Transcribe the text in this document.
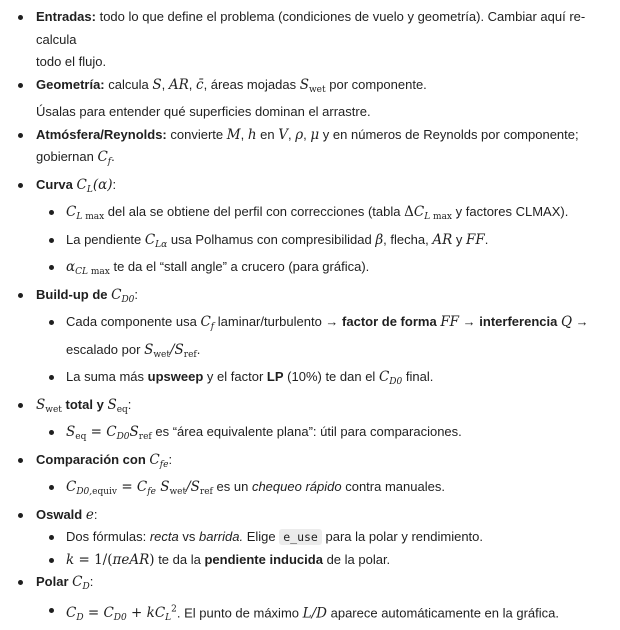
Entradas: todo lo que define el problema (condiciones de vuelo y geometría). Cambiar aquí re-calcula
todo el flujo.
Geometría: calcula S, AR, c̄, áreas mojadas $S_{wet}$ por componente.
Úsalas para entender qué superficies dominan el arrastre.
Atmósfera/Reynolds: convierte M, h en V, ρ, μ y en números de Reynolds por componente;
gobiernan $C_f$.
Curva $C_L(\alpha)$:
$C_{L max}$ del ala se obtiene del perfil con correcciones (tabla $\Delta C_{L max}$ y factores CLMAX).
La pendiente $C_{L\alpha}$ usa Polhamus con compresibilidad β, flecha, AR y FF.
$\alpha_{CL max}$ te da el “stall angle” a crucero (para gráfica).
Build-up de $C_{D0}$:
Cada componente usa $C_f$ laminar/turbulento → factor de forma FF → interferencia Q →
escalado por $S_{wet}/S_{ref}$.
La suma más upsweep y el factor LP (10%) te dan el $C_{D0}$ final.
$S_{wet}$ total y $S_{eq}$:
$S_{eq} = C_{D0}S_{ref}$ es “área equivalente plana”: útil para comparaciones.
Comparación con $C_{fe}$:
$C_{D0,equiv} = C_{fe}$ $S_{wet}/S_{ref}$ es un chequeo rápido contra manuales.
Oswald e:
Dos fórmulas: recta vs barrida. Elige e_use para la polar y rendimiento.
k = 1/(πeAR) te da la pendiente inducida de la polar.
Polar $C_D$:
$C_D = C_{D0} + kC_L^2$. El punto de máximo L/D aparece automáticamente en la gráfica.
